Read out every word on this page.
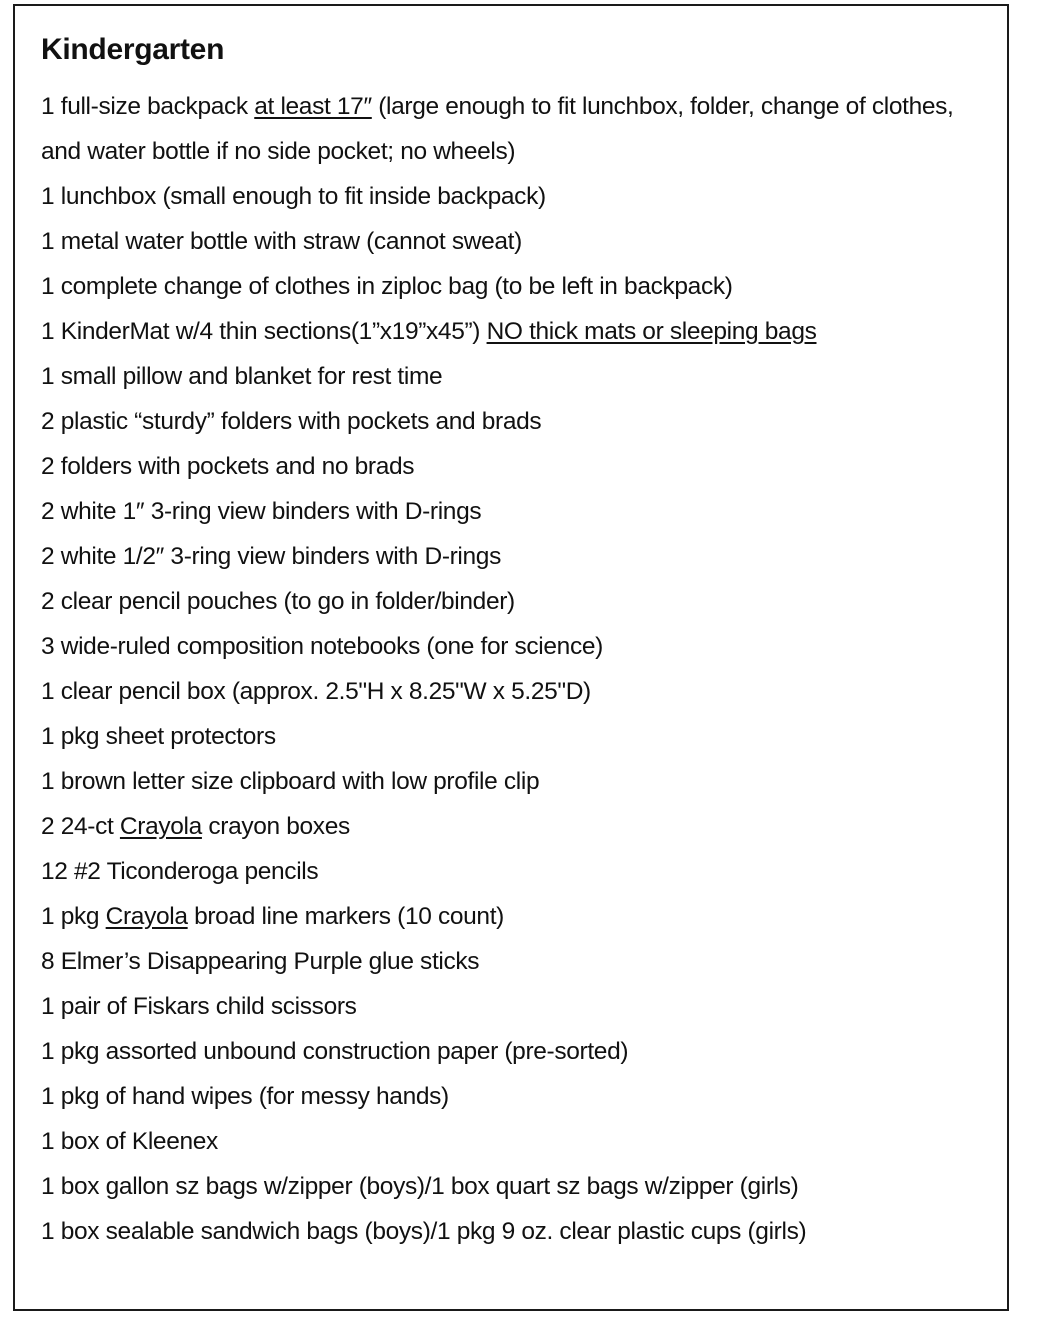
Kindergarten
1 full-size backpack at least 17″ (large enough to fit lunchbox, folder, change of clothes, and water bottle if no side pocket; no wheels)
1 lunchbox (small enough to fit inside backpack)
1 metal water bottle with straw (cannot sweat)
1 complete change of clothes in ziploc bag (to be left in backpack)
1 KinderMat w/4 thin sections(1”x19”x45”) NO thick mats or sleeping bags
1 small pillow and blanket for rest time
2 plastic “sturdy” folders with pockets and brads
2 folders with pockets and no brads
2 white 1″ 3-ring view binders with D-rings
2 white 1/2″ 3-ring view binders with D-rings
2 clear pencil pouches (to go in folder/binder)
3 wide-ruled composition notebooks (one for science)
1 clear pencil box (approx. 2.5"H x 8.25"W x 5.25"D)
1 pkg sheet protectors
1 brown letter size clipboard with low profile clip
2 24-ct Crayola crayon boxes
12 #2 Ticonderoga pencils
1 pkg Crayola broad line markers (10 count)
8 Elmer’s Disappearing Purple glue sticks
1 pair of Fiskars child scissors
1 pkg assorted unbound construction paper (pre-sorted)
1 pkg of hand wipes (for messy hands)
1 box of Kleenex
1 box gallon sz bags w/zipper (boys)/1 box quart sz bags w/zipper (girls)
1 box sealable sandwich bags (boys)/1 pkg 9 oz. clear plastic cups (girls)
